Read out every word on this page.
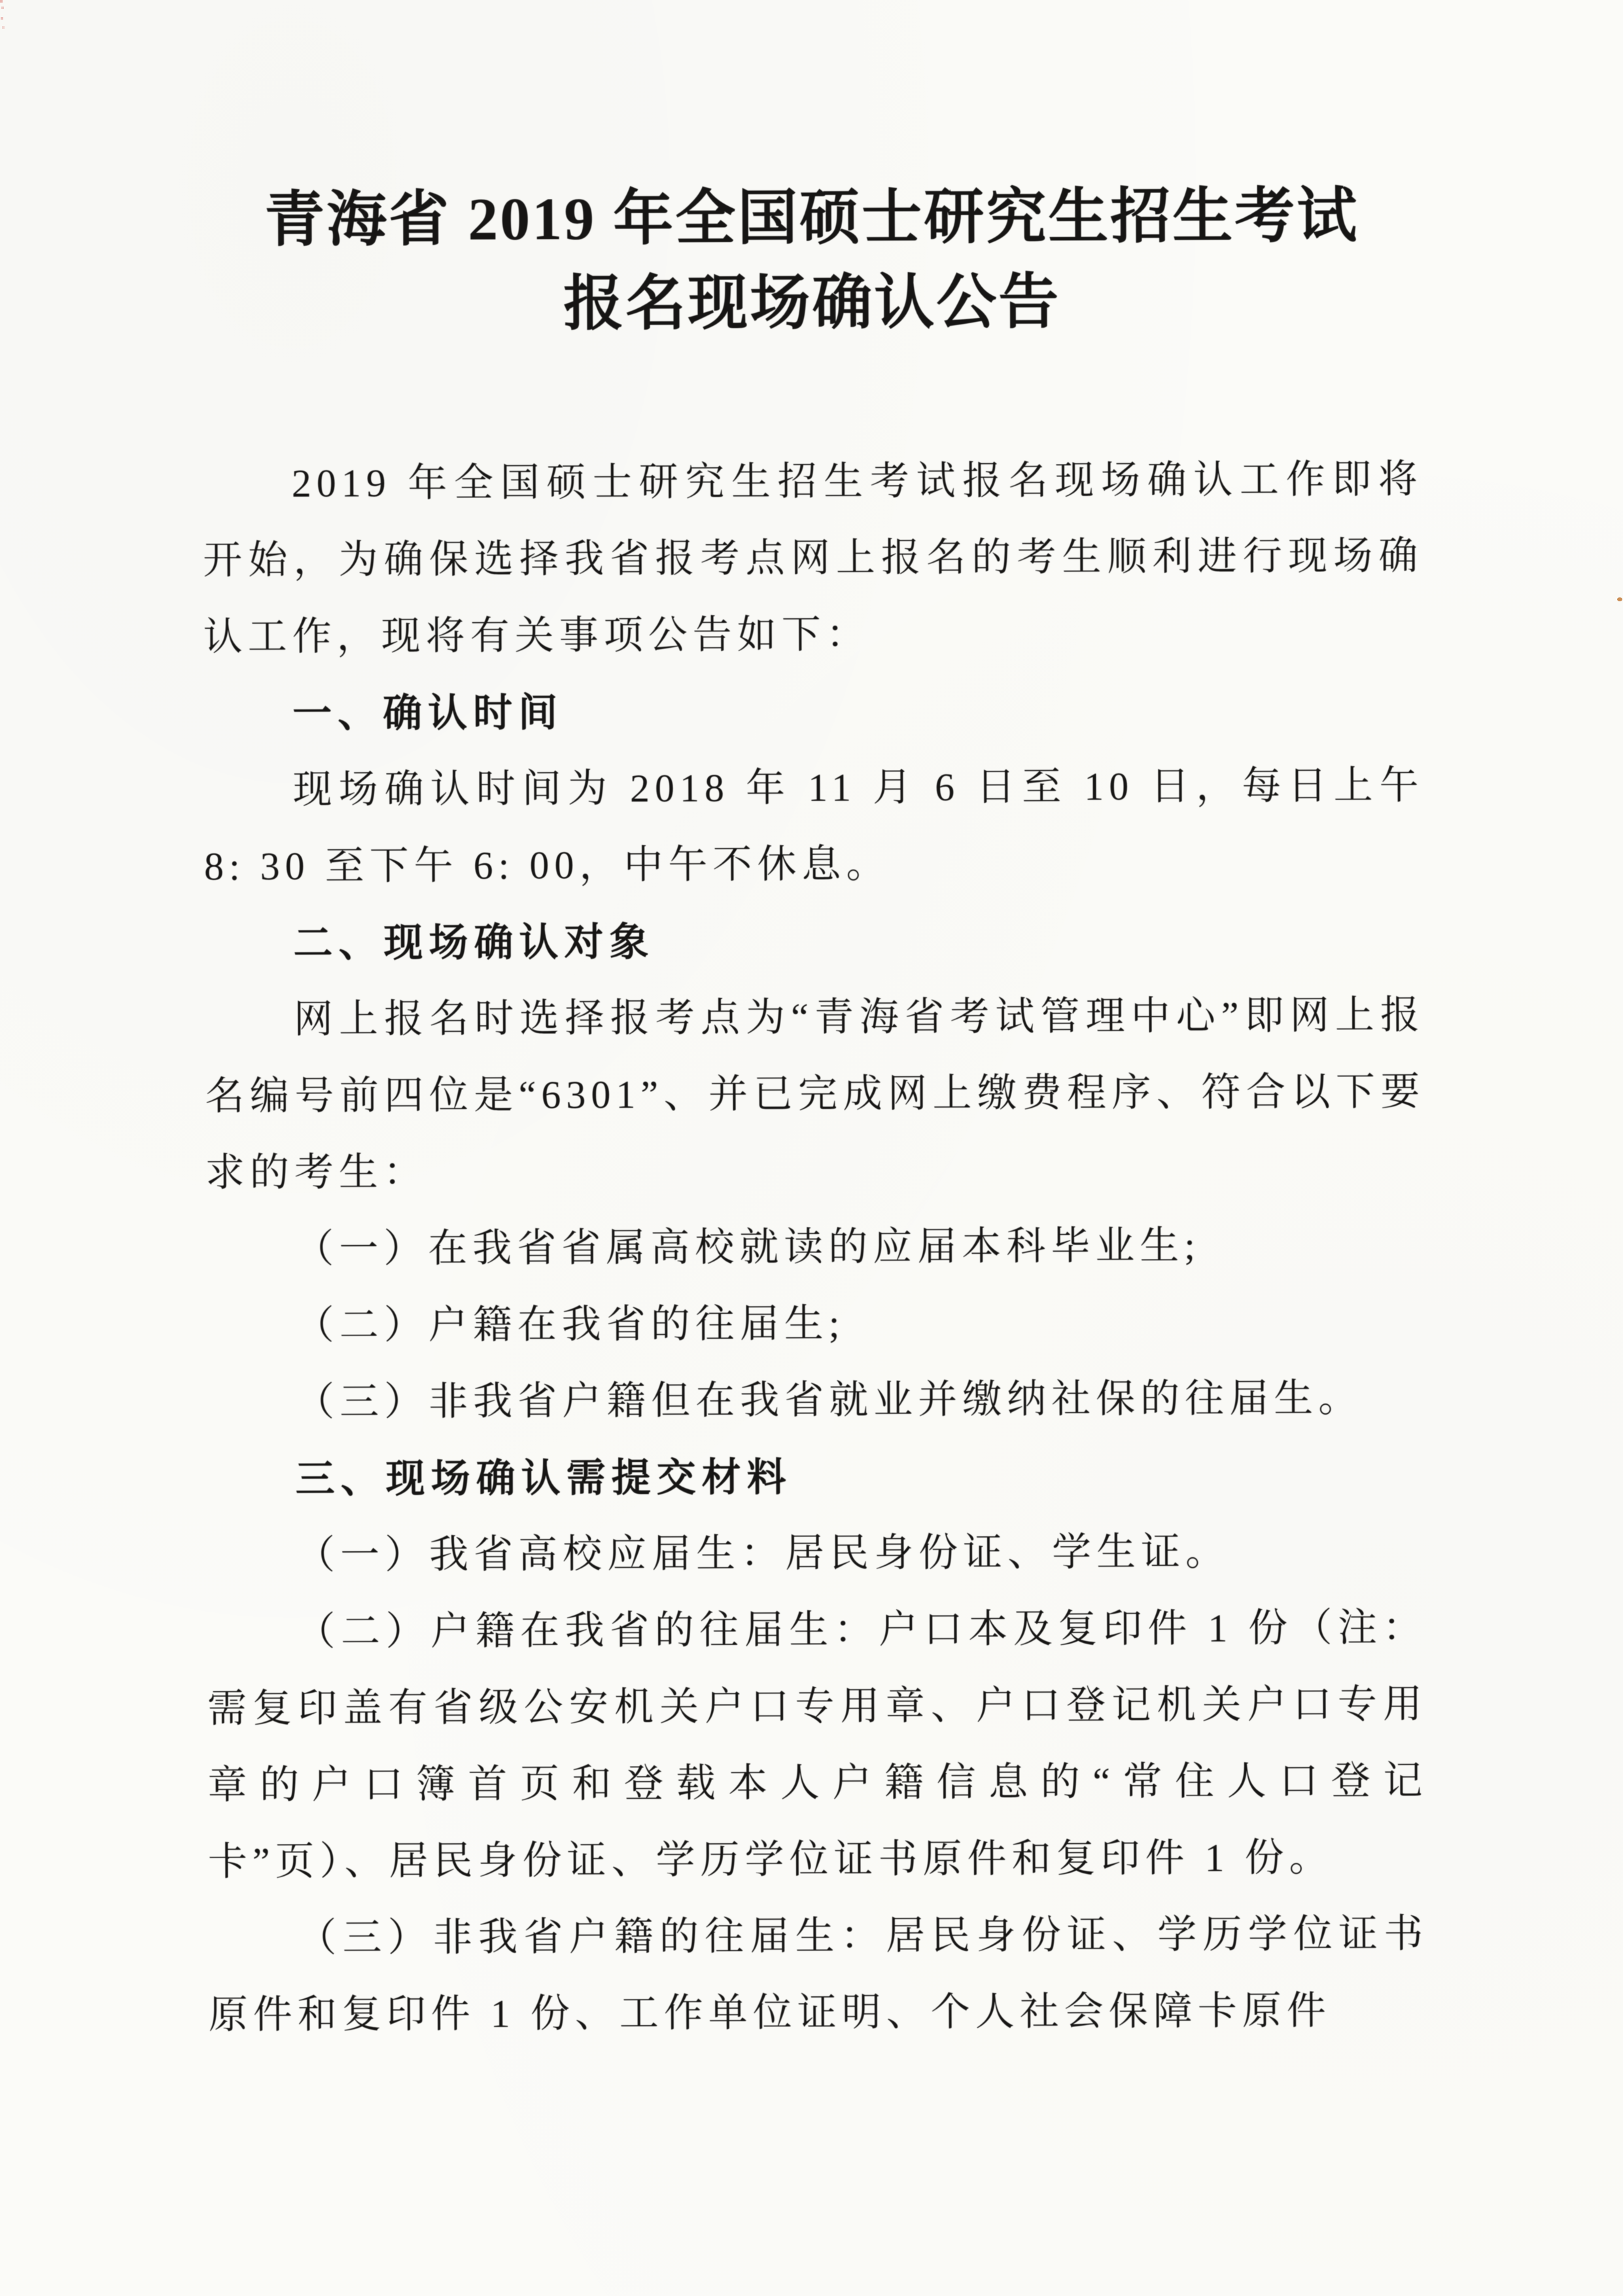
青海省 2019 年全国硕士研究生招生考试报名现场确认公告

2019 年全国硕士研究生招生考试报名现场确认工作即将开始，为确保选择我省报考点网上报名的考生顺利进行现场确认工作，现将有关事项公告如下：

一、确认时间

现场确认时间为 2018 年 11 月 6 日至 10 日，每日上午 8: 30 至下午 6: 00，中午不休息。

二、现场确认对象

网上报名时选择报考点为“青海省考试管理中心”即网上报名编号前四位是“6301”、并已完成网上缴费程序、符合以下要求的考生：

（一）在我省省属高校就读的应届本科毕业生;

（二）户籍在我省的往届生;

（三）非我省户籍但在我省就业并缴纳社保的往届生。

三、现场确认需提交材料

（一）我省高校应届生：居民身份证、学生证。

（二）户籍在我省的往届生：户口本及复印件 1 份（注：需复印盖有省级公安机关户口专用章、户口登记机关户口专用章的户口簿首页和登载本人户籍信息的“常住人口登记卡”页）、居民身份证、学历学位证书原件和复印件 1 份。

（三）非我省户籍的往届生：居民身份证、学历学位证书原件和复印件 1 份、工作单位证明、个人社会保障卡原件
